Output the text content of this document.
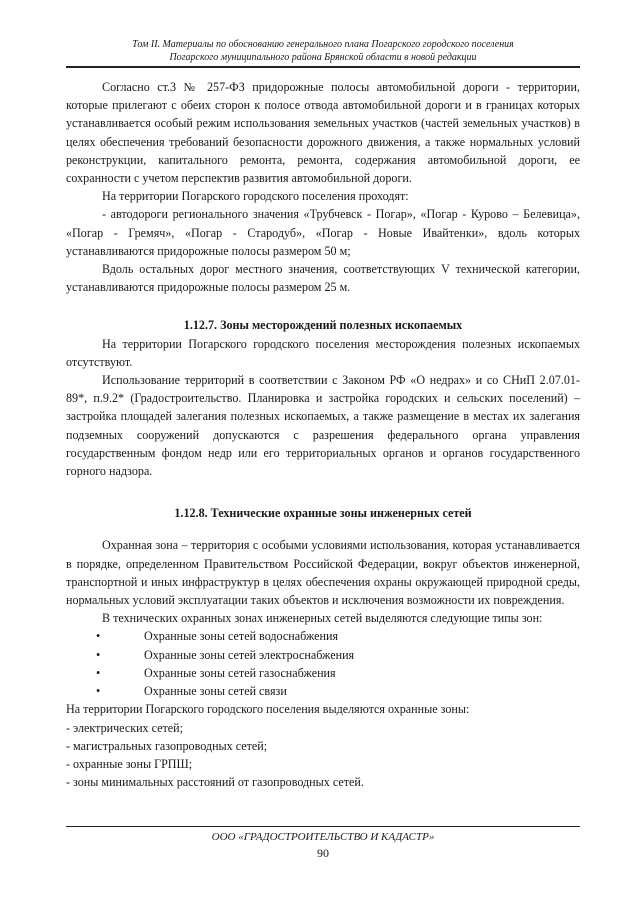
Том II. Материалы по обоснованию генерального плана Погарского городского поселения
Погарского муниципального района Брянской области в новой редакции

Согласно ст.3 № 257-ФЗ придорожные полосы автомобильной дороги - территории, которые прилегают с обеих сторон к полосе отвода автомобильной дороги и в границах которых устанавливается особый режим использования земельных участков (частей земельных участков) в целях обеспечения требований безопасности дорожного движения, а также нормальных условий реконструкции, капитального ремонта, ремонта, содержания автомобильной дороги, ее сохранности с учетом перспектив развития автомобильной дороги.

На территории Погарского городского поселения проходят:

- автодороги регионального значения «Трубчевск - Погар», «Погар - Курово – Белевица», «Погар - Гремяч», «Погар - Стародуб», «Погар - Новые Ивайтенки», вдоль которых устанавливаются придорожные полосы размером 50 м;

Вдоль остальных дорог местного значения, соответствующих V технической категории, устанавливаются придорожные полосы размером 25 м.

1.12.7. Зоны месторождений полезных ископаемых

На территории Погарского городского поселения месторождения полезных ископаемых отсутствуют.

Использование территорий в соответствии с Законом РФ «О недрах» и со СНиП 2.07.01-89*, п.9.2* (Градостроительство. Планировка и застройка городских и сельских поселений) – застройка площадей залегания полезных ископаемых, а также размещение в местах их залегания подземных сооружений допускаются с разрешения федерального органа управления государственным фондом недр или его территориальных органов и органов государственного горного надзора.

1.12.8. Технические охранные зоны инженерных сетей

Охранная зона – территория с особыми условиями использования, которая устанавливается в порядке, определенном Правительством Российской Федерации, вокруг объектов инженерной, транспортной и иных инфраструктур в целях обеспечения охраны окружающей природной среды, нормальных условий эксплуатации таких объектов и исключения возможности их повреждения.

В технических охранных зонах инженерных сетей выделяются следующие типы зон:

•	Охранные зоны сетей водоснабжения
•	Охранные зоны сетей электроснабжения
•	Охранные зоны сетей газоснабжения
•	Охранные зоны сетей связи

На территории Погарского городского поселения выделяются охранные зоны:

- электрических сетей;

- магистральных газопроводных сетей;

- охранные зоны ГРПШ;

- зоны минимальных расстояний от газопроводных сетей.

ООО «ГРАДОСТРОИТЕЛЬСТВО И КАДАСТР»
90
